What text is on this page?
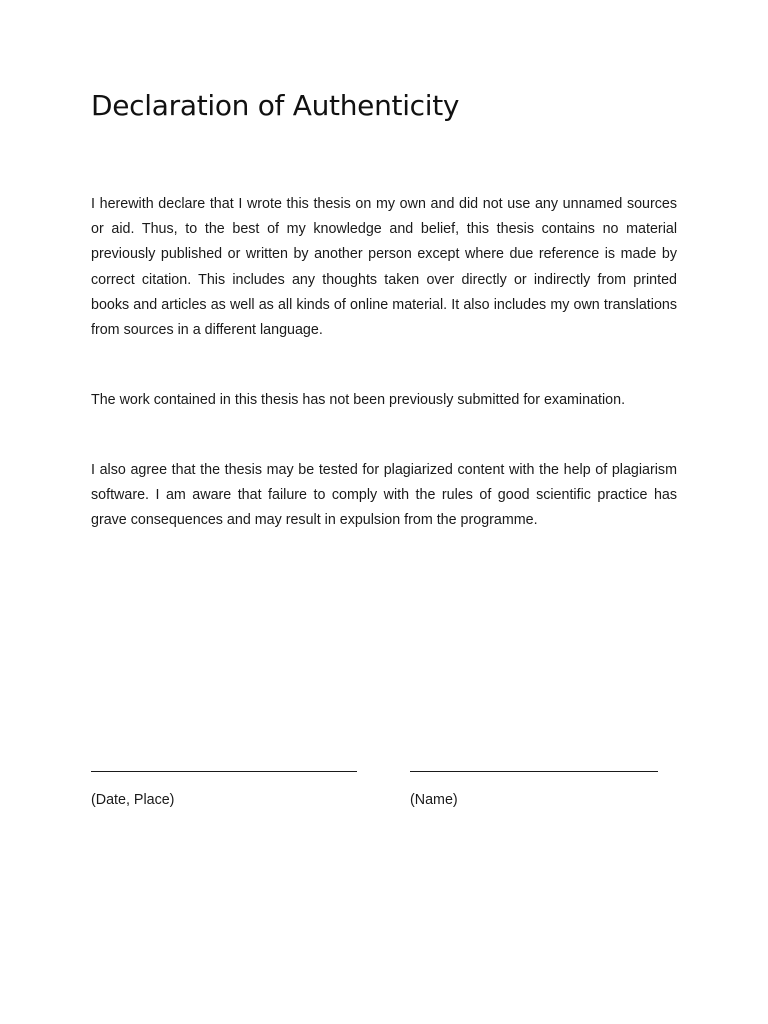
Declaration of Authenticity

I herewith declare that I wrote this thesis on my own and did not use any unnamed sources or aid. Thus, to the best of my knowledge and belief, this thesis contains no material previously published or written by another person except where due reference is made by correct citation. This includes any thoughts taken over directly or indirectly from printed books and articles as well as all kinds of online material. It also includes my own translations from sources in a different language.

The work contained in this thesis has not been previously submitted for examination.

I also agree that the thesis may be tested for plagiarized content with the help of plagiarism software. I am aware that failure to comply with the rules of good scientific practice has grave consequences and may result in expulsion from the programme.

(Date, Place)	(Name)
